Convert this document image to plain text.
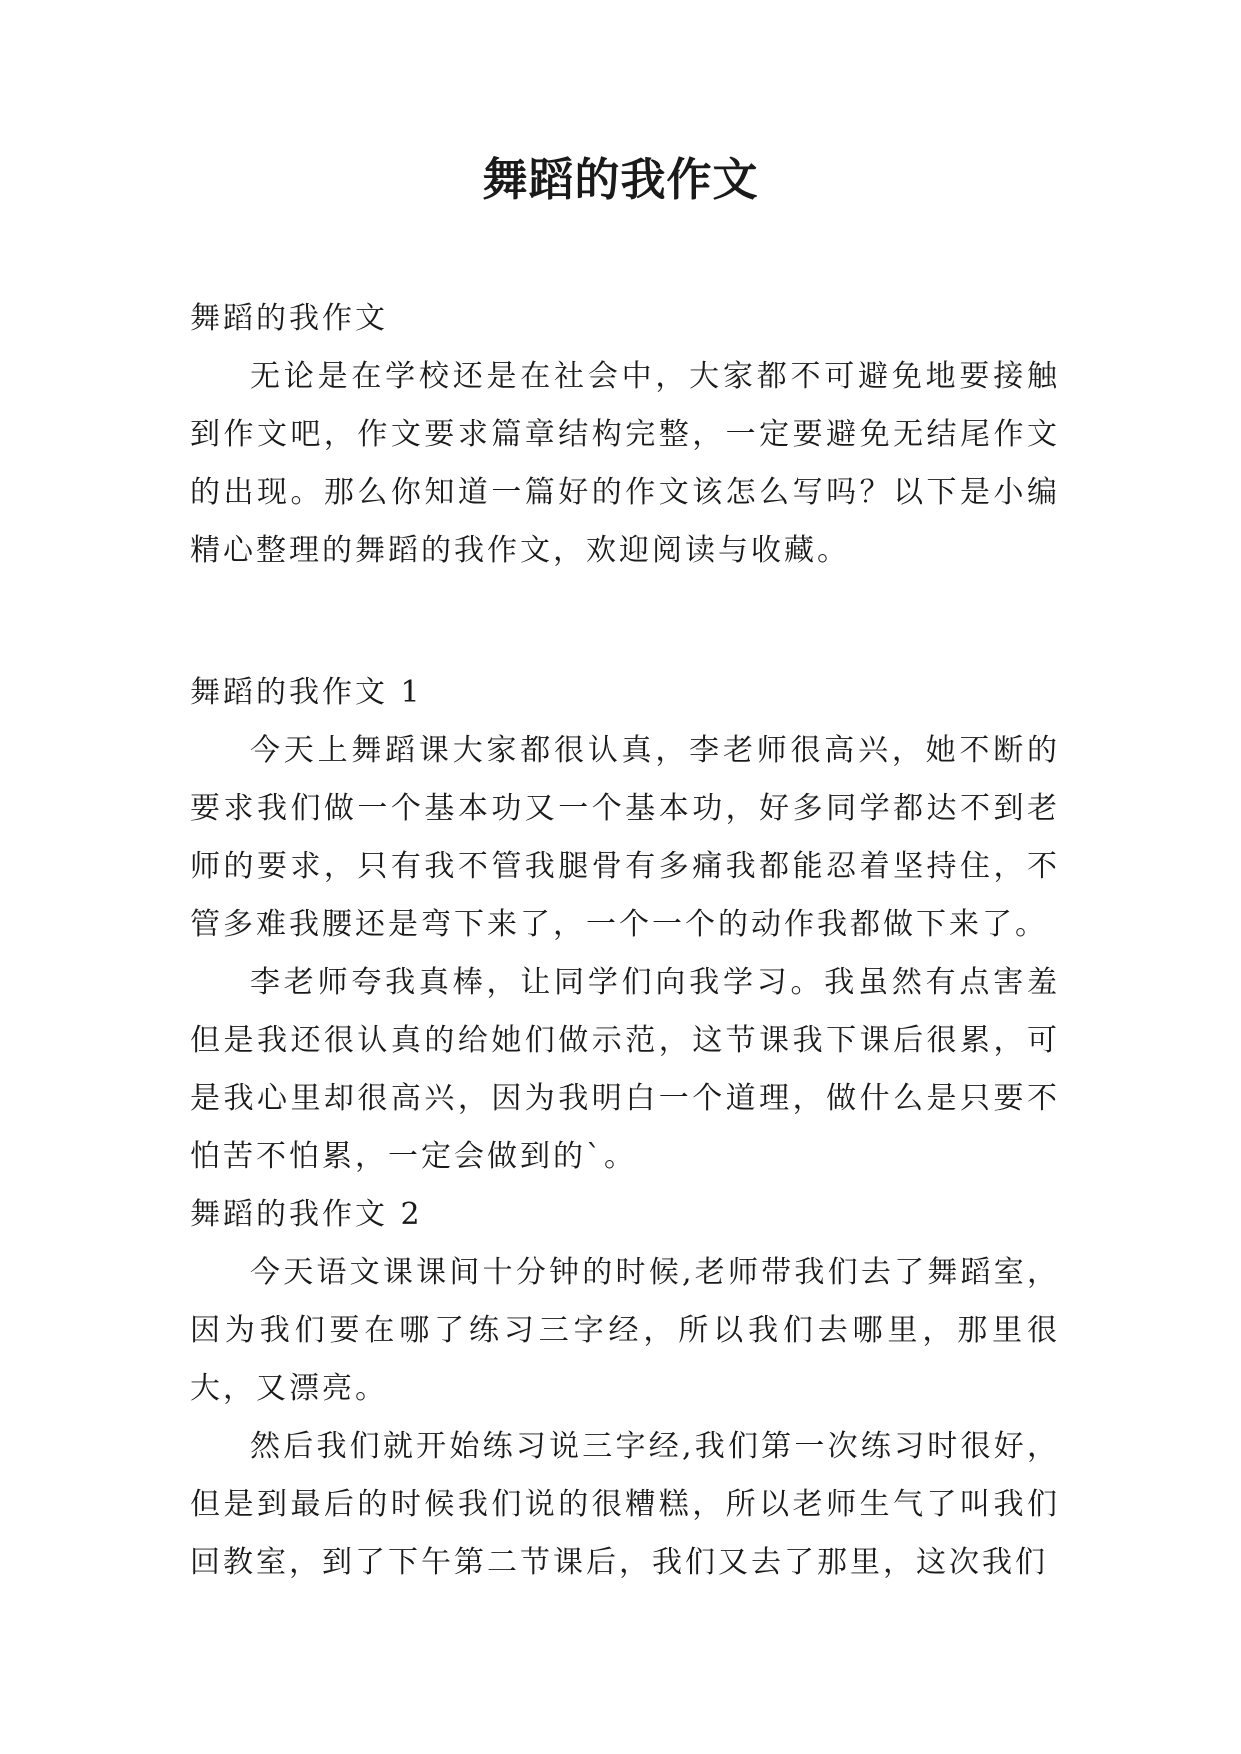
舞蹈的我作文

舞蹈的我作文

无论是在学校还是在社会中，大家都不可避免地要接触到作文吧，作文要求篇章结构完整，一定要避免无结尾作文的出现。那么你知道一篇好的作文该怎么写吗？以下是小编精心整理的舞蹈的我作文，欢迎阅读与收藏。

舞蹈的我作文 1

今天上舞蹈课大家都很认真，李老师很高兴，她不断的要求我们做一个基本功又一个基本功，好多同学都达不到老师的要求，只有我不管我腿骨有多痛我都能忍着坚持住，不管多难我腰还是弯下来了，一个一个的动作我都做下来了。

李老师夸我真棒，让同学们向我学习。我虽然有点害羞但是我还很认真的给她们做示范，这节课我下课后很累，可是我心里却很高兴，因为我明白一个道理，做什么是只要不怕苦不怕累，一定会做到的`。

舞蹈的我作文 2

今天语文课课间十分钟的时候,老师带我们去了舞蹈室，因为我们要在哪了练习三字经，所以我们去哪里，那里很大，又漂亮。

然后我们就开始练习说三字经,我们第一次练习时很好，但是到最后的时候我们说的很糟糕，所以老师生气了叫我们回教室，到了下午第二节课后，我们又去了那里，这次我们
